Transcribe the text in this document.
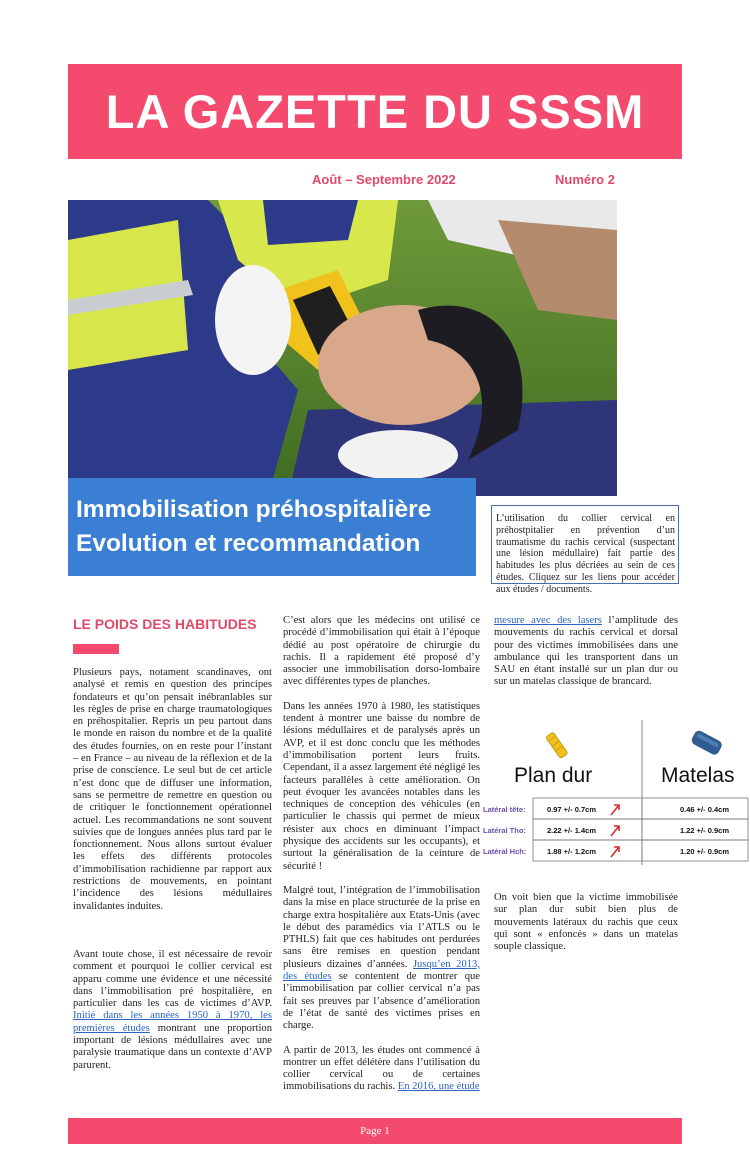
LA GAZETTE DU SSSM
Août – Septembre 2022	Numéro 2
Immobilisation préhospitalière
Evolution et recommandation
L’utilisation du collier cervical en préhostpitalier en prévention d’un traumatisme du rachis cervical (suspectant une lésion médullaire) fait partie des habitudes les plus décriées au sein de ces études. Cliquez sur les liens pour accéder aux études / documents.
LE POIDS DES HABITUDES

Plusieurs pays, notament scandinaves, ont analysé et remis en question des principes fondateurs et qu’on pensait inébranlables sur les règles de prise en charge traumatologiques en préhospitalier. Repris un peu partout dans le monde en raison du nombre et de la qualité des études fournies, on en reste pour l’instant – en France – au niveau de la réflexion et de la prise de conscience. Le seul but de cet article n’est donc que de diffuser une information, sans se permettre de remettre en question ou de critiquer le fonctionnement opérationnel actuel. Les recommandations ne sont souvent suivies que de longues années plus tard par le fonctionnement. Nous allons surtout évaluer les effets des différents protocoles d’immobilisation rachidienne par rapport aux restrictions de mouvements, en pointant l’incidence des lésions médullaires invalidantes induites.

Avant toute chose, il est nécessaire de revoir comment et pourquoi le collier cervical est apparu comme une évidence et une nécessité dans l’immobilisation pré hospitalière, en particulier dans les cas de victimes d’AVP. Initié dans les années 1950 à 1970, les premières études montrant une proportion important de lésions médullaires avec une paralysie traumatique dans un contexte d’AVP parurent.

C’est alors que les médecins ont utilisé ce procédé d’immobilisation qui était à l’époque dédié au post opératoire de chirurgie du rachis. Il a rapidement été proposé d’y associer une immobilisation dorso-lombaire avec différentes types de planches.

Dans les années 1970 à 1980, les statistiques tendent à montrer une baisse du nombre de lésions médullaires et de paralysés après un AVP, et il est donc conclu que les méthodes d’immobilisation portent leurs fruits. Cependant, il a assez largement été négligé les facteurs parallèles à cette amélioration. On peut évoquer les avancées notables dans les techniques de conception des véhicules (en particulier le chassis qui permet de mieux résister aux chocs en diminuant l’impact physique des accidents sur les occupants), et surtout la généralisation de la ceinture de sécurité !

Malgré tout, l’intégration de l’immobilisation dans la mise en place structurée de la prise en charge extra hospitalière aux Etats-Unis (avec le début des paramédics via l’ATLS ou le PTHLS) fait que ces habitudes ont perdurées sans être remises en question pendant plusieurs dizaines d’années. Jusqu’en 2013, des études se contentent de montrer que l’immobilisation par collier cervical n’a pas fait ses preuves par l’absence d’amélioration de l’état de santé des victimes prises en charge.

A partir de 2013, les études ont commencé à montrer un effet délétère dans l’utilisation du collier cervical ou de certaines immobilisations du rachis. En 2016, une étude

mesure avec des lasers l’amplitude des mouvements du rachis cervical et dorsal pour des victimes immobilisées dans une ambulance qui les transportent dans un SAU en étant installé sur un plan dur ou sur un matelas classique de brancard.

Plan dur	Matelas
Latéral tête:	0.97 +/- 0.7cm	0.46 +/- 0.4cm
Latéral Tho:	2.22 +/- 1.4cm	1.22 +/- 0.9cm
Latéral Hch:	1.88 +/- 1.2cm	1.20 +/- 0.9cm

On voit bien que la victime immobilisée sur plan dur subit bien plus de mouvements latéraux du rachis que ceux qui sont « enfoncés » dans un matelas souple classique.

Page 1
